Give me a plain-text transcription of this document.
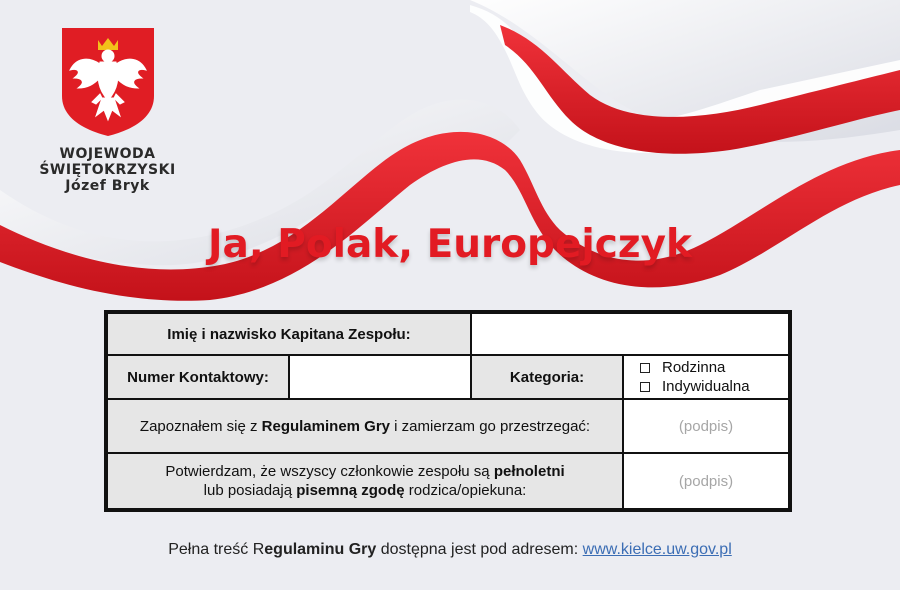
WOJEWODA
ŚWIĘTOKRZYSKI
Józef Bryk
Ja, Polak, Europejczyk
Imię i nazwisko Kapitana Zespołu:
Numer Kontaktowy:	Kategoria:
Rodzinna
Indywidualna
Zapoznałem się z Regulaminem Gry i zamierzam go przestrzegać:	(podpis)
Potwierdzam, że wszyscy członkowie zespołu są pełnoletni
lub posiadają pisemną zgodę rodzica/opiekuna:
(podpis)
Pełna treść Regulaminu Gry dostępna jest pod adresem: www.kielce.uw.gov.pl
